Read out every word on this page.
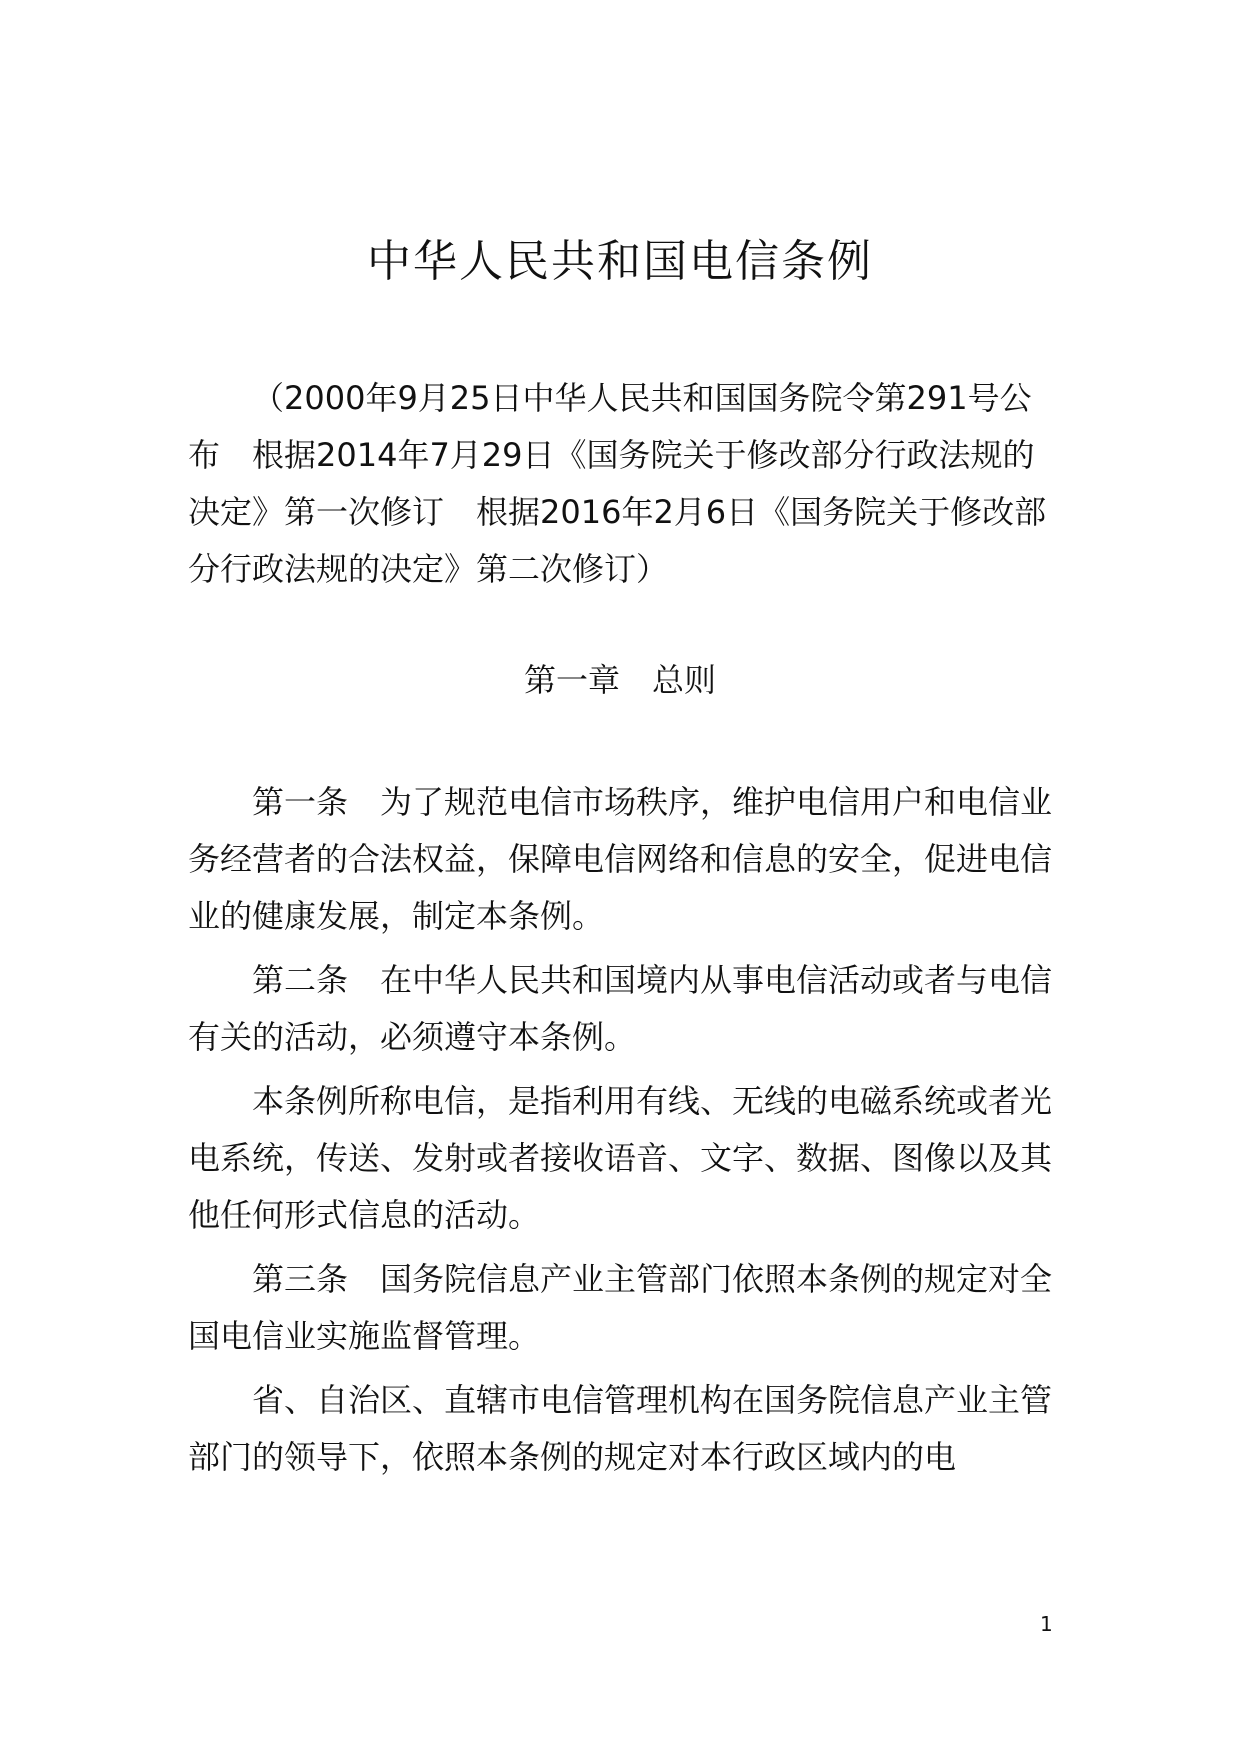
中华人民共和国电信条例
（2000年9月25日中华人民共和国国务院令第291号公布　根据2014年7月29日《国务院关于修改部分行政法规的决定》第一次修订　根据2016年2月6日《国务院关于修改部分行政法规的决定》第二次修订）
第一章　总则

第一条　为了规范电信市场秩序，维护电信用户和电信业务经营者的合法权益，保障电信网络和信息的安全，促进电信业的健康发展，制定本条例。

第二条　在中华人民共和国境内从事电信活动或者与电信有关的活动，必须遵守本条例。

本条例所称电信，是指利用有线、无线的电磁系统或者光电系统，传送、发射或者接收语音、文字、数据、图像以及其他任何形式信息的活动。

第三条　国务院信息产业主管部门依照本条例的规定对全国电信业实施监督管理。

省、自治区、直辖市电信管理机构在国务院信息产业主管部门的领导下，依照本条例的规定对本行政区域内的电

1
